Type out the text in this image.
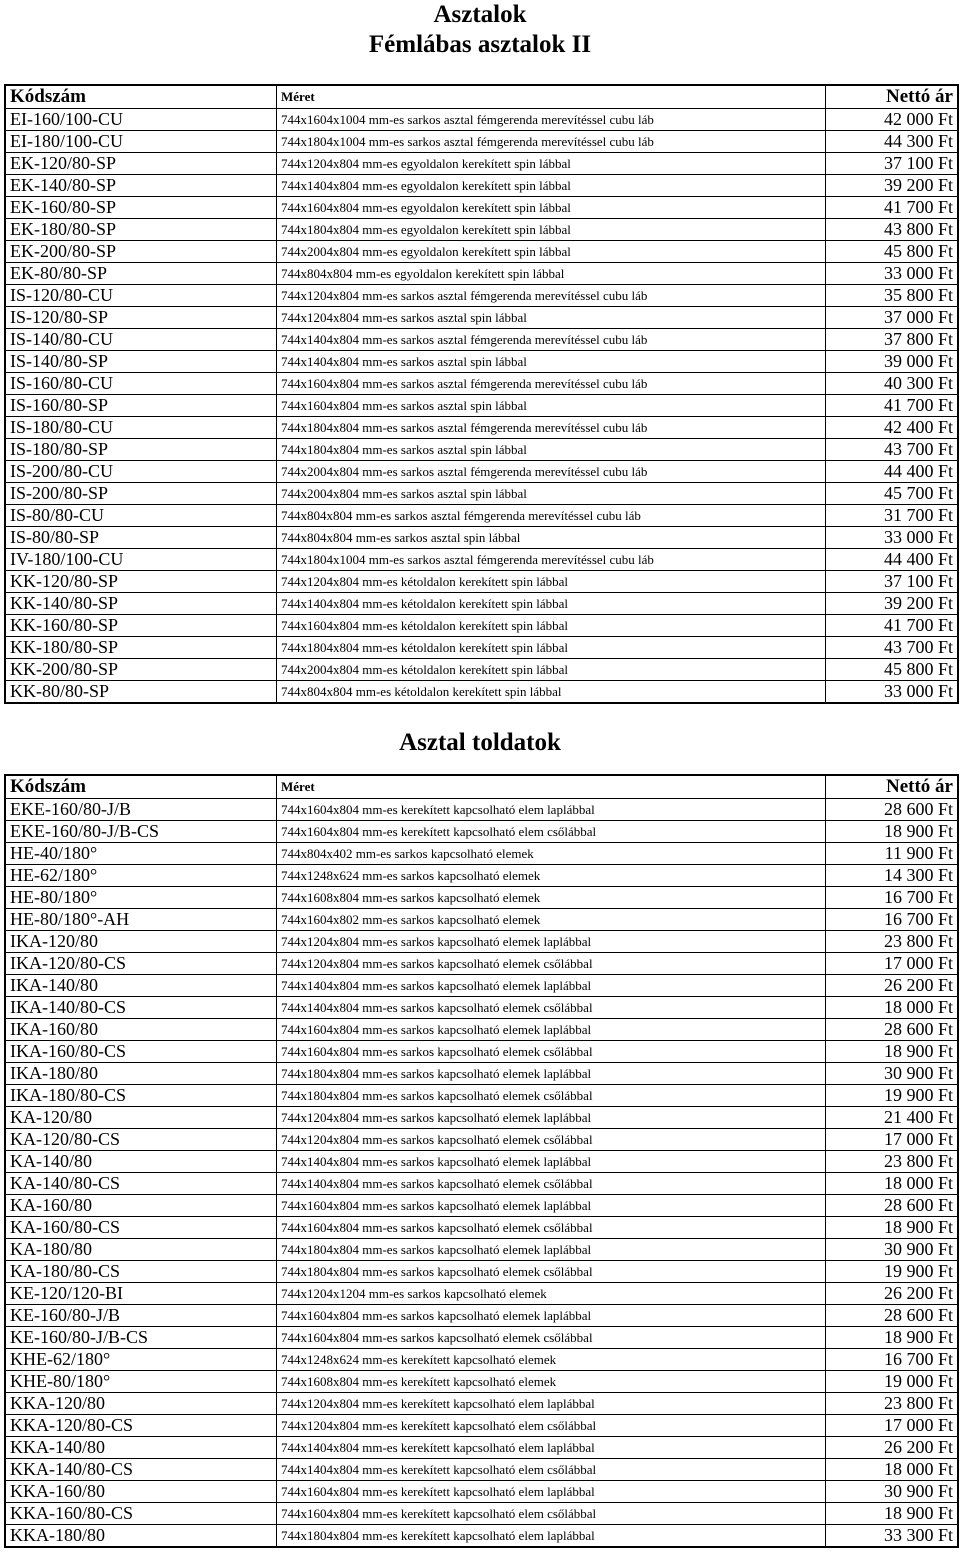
Asztalok
Fémlábas asztalok II
Kódszám	Méret	Nettó ár
EI-160/100-CU	744x1604x1004 mm-es sarkos asztal fémgerenda merevítéssel cubu láb	42 000 Ft
EI-180/100-CU	744x1804x1004 mm-es sarkos asztal fémgerenda merevítéssel cubu láb	44 300 Ft
EK-120/80-SP	744x1204x804 mm-es egyoldalon kerekített spin lábbal	37 100 Ft
EK-140/80-SP	744x1404x804 mm-es egyoldalon kerekített spin lábbal	39 200 Ft
EK-160/80-SP	744x1604x804 mm-es egyoldalon kerekített spin lábbal	41 700 Ft
EK-180/80-SP	744x1804x804 mm-es egyoldalon kerekített spin lábbal	43 800 Ft
EK-200/80-SP	744x2004x804 mm-es egyoldalon kerekített spin lábbal	45 800 Ft
EK-80/80-SP	744x804x804 mm-es egyoldalon kerekített spin lábbal	33 000 Ft
IS-120/80-CU	744x1204x804 mm-es sarkos asztal fémgerenda merevítéssel cubu láb	35 800 Ft
IS-120/80-SP	744x1204x804 mm-es sarkos asztal spin lábbal	37 000 Ft
IS-140/80-CU	744x1404x804 mm-es sarkos asztal fémgerenda merevítéssel cubu láb	37 800 Ft
IS-140/80-SP	744x1404x804 mm-es sarkos asztal spin lábbal	39 000 Ft
IS-160/80-CU	744x1604x804 mm-es sarkos asztal fémgerenda merevítéssel cubu láb	40 300 Ft
IS-160/80-SP	744x1604x804 mm-es sarkos asztal spin lábbal	41 700 Ft
IS-180/80-CU	744x1804x804 mm-es sarkos asztal fémgerenda merevítéssel cubu láb	42 400 Ft
IS-180/80-SP	744x1804x804 mm-es sarkos asztal spin lábbal	43 700 Ft
IS-200/80-CU	744x2004x804 mm-es sarkos asztal fémgerenda merevítéssel cubu láb	44 400 Ft
IS-200/80-SP	744x2004x804 mm-es sarkos asztal spin lábbal	45 700 Ft
IS-80/80-CU	744x804x804 mm-es sarkos asztal fémgerenda merevítéssel cubu láb	31 700 Ft
IS-80/80-SP	744x804x804 mm-es sarkos asztal spin lábbal	33 000 Ft
IV-180/100-CU	744x1804x1004 mm-es sarkos asztal fémgerenda merevítéssel cubu láb	44 400 Ft
KK-120/80-SP	744x1204x804 mm-es kétoldalon kerekített spin lábbal	37 100 Ft
KK-140/80-SP	744x1404x804 mm-es kétoldalon kerekített spin lábbal	39 200 Ft
KK-160/80-SP	744x1604x804 mm-es kétoldalon kerekített spin lábbal	41 700 Ft
KK-180/80-SP	744x1804x804 mm-es kétoldalon kerekített spin lábbal	43 700 Ft
KK-200/80-SP	744x2004x804 mm-es kétoldalon kerekített spin lábbal	45 800 Ft
KK-80/80-SP	744x804x804 mm-es kétoldalon kerekített spin lábbal	33 000 Ft
Asztal toldatok
Kódszám	Méret	Nettó ár
EKE-160/80-J/B	744x1604x804 mm-es kerekített kapcsolható elem laplábbal	28 600 Ft
EKE-160/80-J/B-CS	744x1604x804 mm-es kerekített kapcsolható elem csőlábbal	18 900 Ft
HE-40/180°	744x804x402 mm-es sarkos kapcsolható elemek	11 900 Ft
HE-62/180°	744x1248x624 mm-es sarkos kapcsolható elemek	14 300 Ft
HE-80/180°	744x1608x804 mm-es sarkos kapcsolható elemek	16 700 Ft
HE-80/180°-AH	744x1604x802 mm-es sarkos kapcsolható elemek	16 700 Ft
IKA-120/80	744x1204x804 mm-es sarkos kapcsolható elemek laplábbal	23 800 Ft
IKA-120/80-CS	744x1204x804 mm-es sarkos kapcsolható elemek csőlábbal	17 000 Ft
IKA-140/80	744x1404x804 mm-es sarkos kapcsolható elemek laplábbal	26 200 Ft
IKA-140/80-CS	744x1404x804 mm-es sarkos kapcsolható elemek csőlábbal	18 000 Ft
IKA-160/80	744x1604x804 mm-es sarkos kapcsolható elemek laplábbal	28 600 Ft
IKA-160/80-CS	744x1604x804 mm-es sarkos kapcsolható elemek csőlábbal	18 900 Ft
IKA-180/80	744x1804x804 mm-es sarkos kapcsolható elemek laplábbal	30 900 Ft
IKA-180/80-CS	744x1804x804 mm-es sarkos kapcsolható elemek csőlábbal	19 900 Ft
KA-120/80	744x1204x804 mm-es sarkos kapcsolható elemek laplábbal	21 400 Ft
KA-120/80-CS	744x1204x804 mm-es sarkos kapcsolható elemek csőlábbal	17 000 Ft
KA-140/80	744x1404x804 mm-es sarkos kapcsolható elemek laplábbal	23 800 Ft
KA-140/80-CS	744x1404x804 mm-es sarkos kapcsolható elemek csőlábbal	18 000 Ft
KA-160/80	744x1604x804 mm-es sarkos kapcsolható elemek laplábbal	28 600 Ft
KA-160/80-CS	744x1604x804 mm-es sarkos kapcsolható elemek csőlábbal	18 900 Ft
KA-180/80	744x1804x804 mm-es sarkos kapcsolható elemek laplábbal	30 900 Ft
KA-180/80-CS	744x1804x804 mm-es sarkos kapcsolható elemek csőlábbal	19 900 Ft
KE-120/120-BI	744x1204x1204 mm-es sarkos kapcsolható elemek	26 200 Ft
KE-160/80-J/B	744x1604x804 mm-es sarkos kapcsolható elemek laplábbal	28 600 Ft
KE-160/80-J/B-CS	744x1604x804 mm-es sarkos kapcsolható elemek csőlábbal	18 900 Ft
KHE-62/180°	744x1248x624 mm-es kerekített kapcsolható elemek	16 700 Ft
KHE-80/180°	744x1608x804 mm-es kerekített kapcsolható elemek	19 000 Ft
KKA-120/80	744x1204x804 mm-es kerekített kapcsolható elem laplábbal	23 800 Ft
KKA-120/80-CS	744x1204x804 mm-es kerekített kapcsolható elem csőlábbal	17 000 Ft
KKA-140/80	744x1404x804 mm-es kerekített kapcsolható elem laplábbal	26 200 Ft
KKA-140/80-CS	744x1404x804 mm-es kerekített kapcsolható elem csőlábbal	18 000 Ft
KKA-160/80	744x1604x804 mm-es kerekített kapcsolható elem laplábbal	30 900 Ft
KKA-160/80-CS	744x1604x804 mm-es kerekített kapcsolható elem csőlábbal	18 900 Ft
KKA-180/80	744x1804x804 mm-es kerekített kapcsolható elem laplábbal	33 300 Ft
